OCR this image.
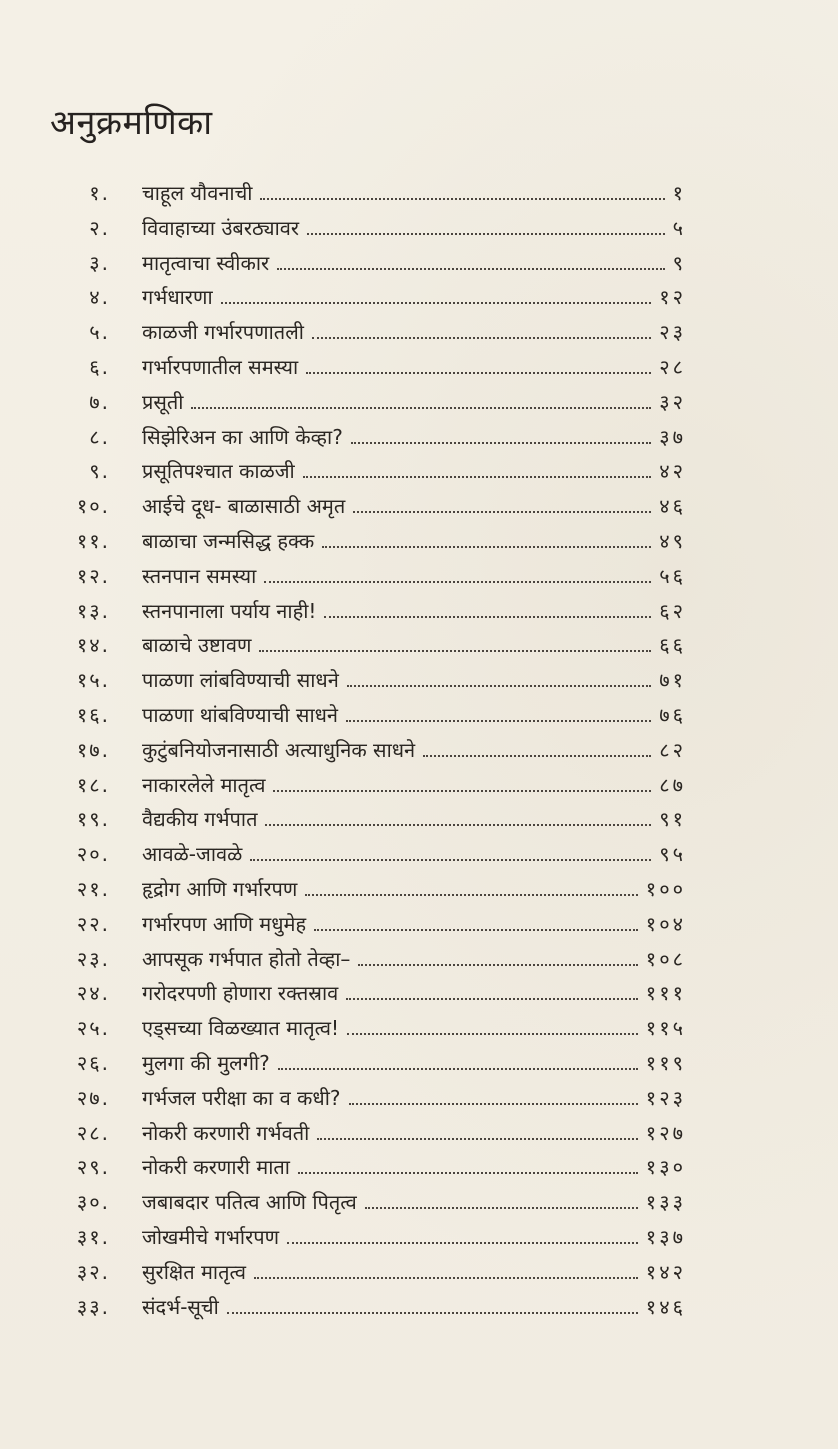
अनुक्रमणिका
१. चाहूल यौवनाची	१
२. विवाहाच्या उंबरठ्यावर	५
३. मातृत्वाचा स्वीकार	९
४. गर्भधारणा	१२
५. काळजी गर्भारपणातली	२३
६. गर्भारपणातील समस्या	२८
७. प्रसूती	३२
८. सिझेरिअन का आणि केव्हा?	३७
९. प्रसूतिपश्चात काळजी	४२
१०. आईचे दूध- बाळासाठी अमृत	४६
११. बाळाचा जन्मसिद्ध हक्क	४९
१२. स्तनपान समस्या	५६
१३. स्तनपानाला पर्याय नाही!	६२
१४. बाळाचे उष्टावण	६६
१५. पाळणा लांबविण्याची साधने	७१
१६. पाळणा थांबविण्याची साधने	७६
१७. कुटुंबनियोजनासाठी अत्याधुनिक साधने	८२
१८. नाकारलेले मातृत्व	८७
१९. वैद्यकीय गर्भपात	९१
२०. आवळे-जावळे	९५
२१. हृद्रोग आणि गर्भारपण	१००
२२. गर्भारपण आणि मधुमेह	१०४
२३. आपसूक गर्भपात होतो तेव्हा–	१०८
२४. गरोदरपणी होणारा रक्तस्राव	१११
२५. एड्सच्या विळख्यात मातृत्व!	११५
२६. मुलगा की मुलगी?	११९
२७. गर्भजल परीक्षा का व कधी?	१२३
२८. नोकरी करणारी गर्भवती	१२७
२९. नोकरी करणारी माता	१३०
३०. जबाबदार पतित्व आणि पितृत्व	१३३
३१. जोखमीचे गर्भारपण	१३७
३२. सुरक्षित मातृत्व	१४२
३३. संदर्भ-सूची	१४६
